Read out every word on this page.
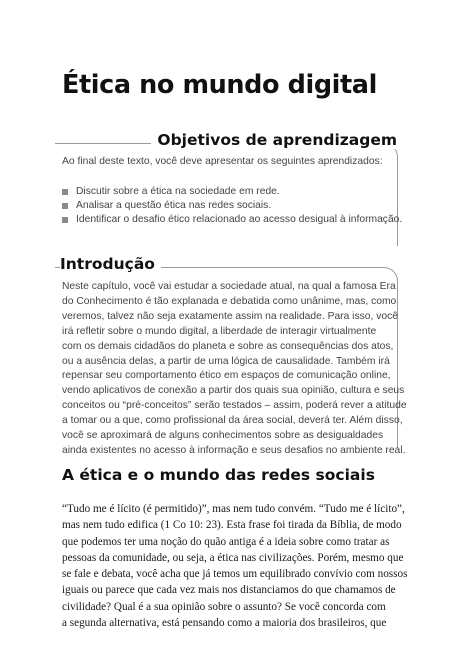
Ética no mundo digital
Objetivos de aprendizagem
Ao final deste texto, você deve apresentar os seguintes aprendizados:
Discutir sobre a ética na sociedade em rede.
Analisar a questão ética nas redes sociais.
Identificar o desafio ético relacionado ao acesso desigual à informação.
Introdução
Neste capítulo, você vai estudar a sociedade atual, na qual a famosa Era
do Conhecimento é tão explanada e debatida como unânime, mas, como
veremos, talvez não seja exatamente assim na realidade. Para isso, você
irá refletir sobre o mundo digital, a liberdade de interagir virtualmente
com os demais cidadãos do planeta e sobre as consequências dos atos,
ou a ausência delas, a partir de uma lógica de causalidade. Também irá
repensar seu comportamento ético em espaços de comunicação online,
vendo aplicativos de conexão a partir dos quais sua opinião, cultura e seus
conceitos ou “pré-conceitos” serão testados – assim, poderá rever a atitude
a tomar ou a que, como profissional da área social, deverá ter. Além disso,
você se aproximará de alguns conhecimentos sobre as desigualdades
ainda existentes no acesso à informação e seus desafios no ambiente real.
A ética e o mundo das redes sociais
“Tudo me é lícito (é permitido)”, mas nem tudo convém. “Tudo me é lícito”,
mas nem tudo edifica (1 Co 10: 23). Esta frase foi tirada da Bíblia, de modo
que podemos ter uma noção do quão antiga é a ideia sobre como tratar as
pessoas da comunidade, ou seja, a ética nas civilizações. Porém, mesmo que
se fale e debata, você acha que já temos um equilibrado convívio com nossos
iguais ou parece que cada vez mais nos distanciamos do que chamamos de
civilidade? Qual é a sua opinião sobre o assunto? Se você concorda com
a segunda alternativa, está pensando como a maioria dos brasileiros, que
